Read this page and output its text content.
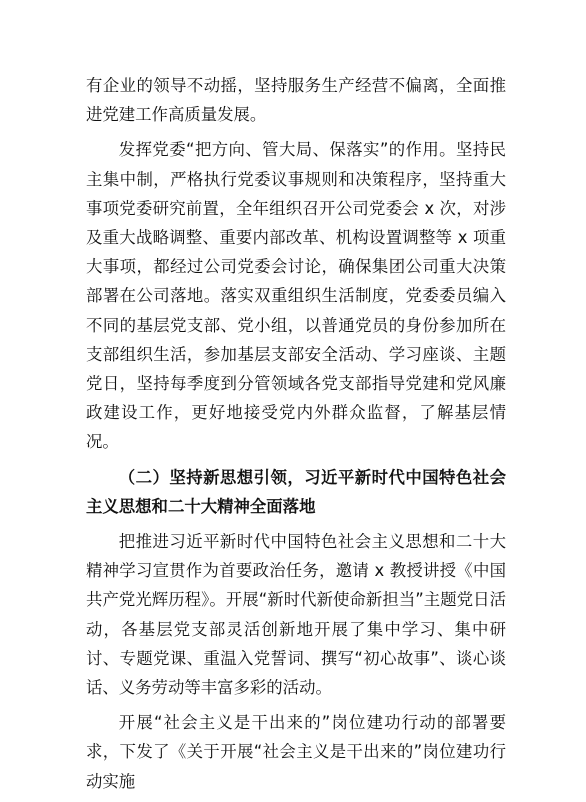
有企业的领导不动摇，坚持服务生产经营不偏离，全面推进党建工作高质量发展。

发挥党委“把方向、管大局、保落实”的作用。坚持民主集中制，严格执行党委议事规则和决策程序，坚持重大事项党委研究前置，全年组织召开公司党委会 x 次，对涉及重大战略调整、重要内部改革、机构设置调整等 x 项重大事项，都经过公司党委会讨论，确保集团公司重大决策部署在公司落地。落实双重组织生活制度，党委委员编入不同的基层党支部、党小组，以普通党员的身份参加所在支部组织生活，参加基层支部安全活动、学习座谈、主题党日，坚持每季度到分管领域各党支部指导党建和党风廉政建设工作，更好地接受党内外群众监督，了解基层情况。

（二）坚持新思想引领，习近平新时代中国特色社会主义思想和二十大精神全面落地

把推进习近平新时代中国特色社会主义思想和二十大精神学习宣贯作为首要政治任务，邀请 x 教授讲授《中国共产党光辉历程》。开展“新时代新使命新担当”主题党日活动，各基层党支部灵活创新地开展了集中学习、集中研讨、专题党课、重温入党誓词、撰写“初心故事”、谈心谈话、义务劳动等丰富多彩的活动。

开展“社会主义是干出来的”岗位建功行动的部署要求，下发了《关于开展“社会主义是干出来的”岗位建功行动实施
